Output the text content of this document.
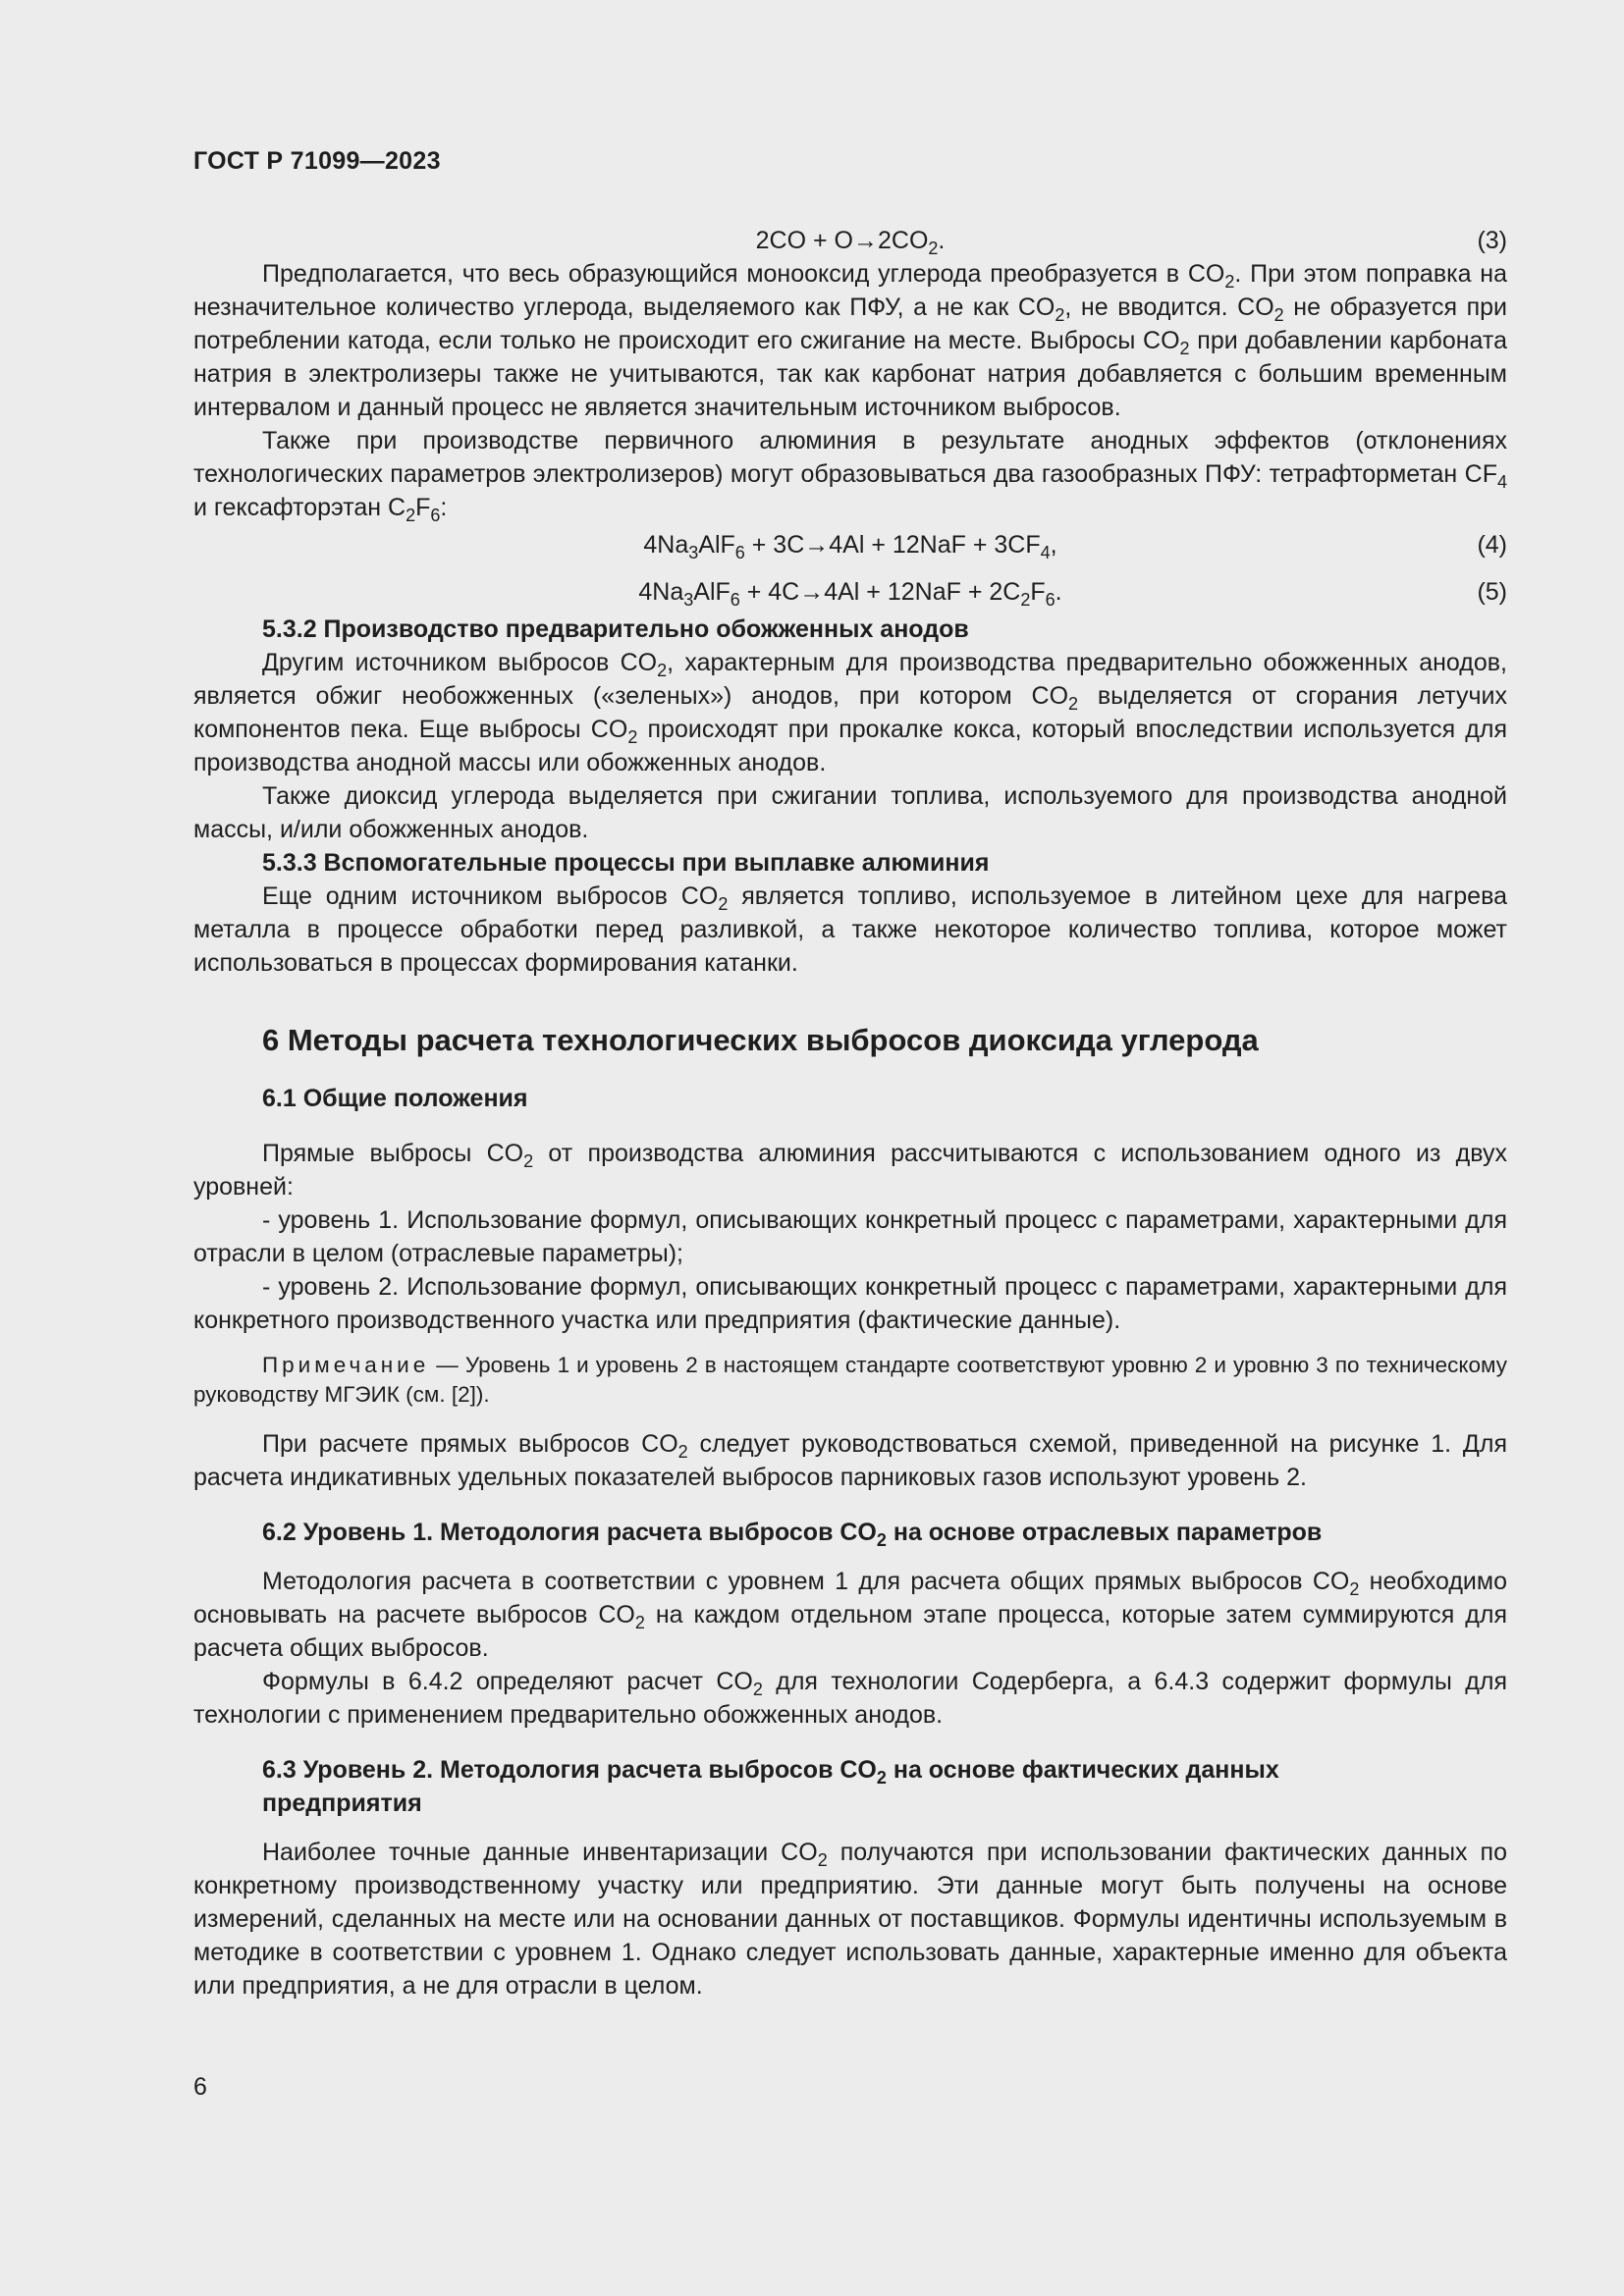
ГОСТ Р 71099—2023
$2CO + O\to 2CO_2$.	(3)

Предполагается, что весь образующийся монооксид углерода преобразуется в $CO_2$. При этом поправка на незначительное количество углерода, выделяемого как ПФУ, а не как $CO_2$, не вводится. $CO_2$ не образуется при потреблении катода, если только не происходит его сжигание на месте. Выбросы $CO_2$ при добавлении карбоната натрия в электролизеры также не учитываются, так как карбонат натрия добавляется с большим временным интервалом и данный процесс не является значительным источником выбросов.

Также при производстве первичного алюминия в результате анодных эффектов (отклонениях технологических параметров электролизеров) могут образовываться два газообразных ПФУ: тетрафторметан $CF_4$ и гексафторэтан $C_2F_6$:

$4Na_3AlF_6 + 3C\to 4Al + 12NaF + 3CF_4$,	(4)
$4Na_3AlF_6 + 4C\to 4Al + 12NaF + 2C_2F_6$.	(5)
5.3.2 Производство предварительно обожженных анодов

Другим источником выбросов $CO_2$, характерным для производства предварительно обожженных анодов, является обжиг необожженных («зеленых») анодов, при котором $CO_2$ выделяется от сгорания летучих компонентов пека. Еще выбросы $CO_2$ происходят при прокалке кокса, который впоследствии используется для производства анодной массы или обожженных анодов.

Также диоксид углерода выделяется при сжигании топлива, используемого для производства анодной массы, и/или обожженных анодов.

5.3.3 Вспомогательные процессы при выплавке алюминия

Еще одним источником выбросов $CO_2$ является топливо, используемое в литейном цехе для нагрева металла в процессе обработки перед разливкой, а также некоторое количество топлива, которое может использоваться в процессах формирования катанки.

6 Методы расчета технологических выбросов диоксида углерода
6.1 Общие положения

Прямые выбросы $CO_2$ от производства алюминия рассчитываются с использованием одного из двух уровней:

- уровень 1. Использование формул, описывающих конкретный процесс с параметрами, характерными для отрасли в целом (отраслевые параметры);

- уровень 2. Использование формул, описывающих конкретный процесс с параметрами, характерными для конкретного производственного участка или предприятия (фактические данные).

Примечание — Уровень 1 и уровень 2 в настоящем стандарте соответствуют уровню 2 и уровню 3 по техническому руководству МГЭИК (см. [2]).

При расчете прямых выбросов $CO_2$ следует руководствоваться схемой, приведенной на рисунке 1. Для расчета индикативных удельных показателей выбросов парниковых газов используют уровень 2.

6.2 Уровень 1. Методология расчета выбросов $CO_2$ на основе отраслевых параметров

Методология расчета в соответствии с уровнем 1 для расчета общих прямых выбросов $CO_2$ необходимо основывать на расчете выбросов $CO_2$ на каждом отдельном этапе процесса, которые затем суммируются для расчета общих выбросов.

Формулы в 6.4.2 определяют расчет $CO_2$ для технологии Содерберга, а 6.4.3 содержит формулы для технологии с применением предварительно обожженных анодов.

6.3 Уровень 2. Методология расчета выбросов $CO_2$ на основе фактических данных
предприятия

Наиболее точные данные инвентаризации $CO_2$ получаются при использовании фактических данных по конкретному производственному участку или предприятию. Эти данные могут быть получены на основе измерений, сделанных на месте или на основании данных от поставщиков. Формулы идентичны используемым в методике в соответствии с уровнем 1. Однако следует использовать данные, характерные именно для объекта или предприятия, а не для отрасли в целом.

6
